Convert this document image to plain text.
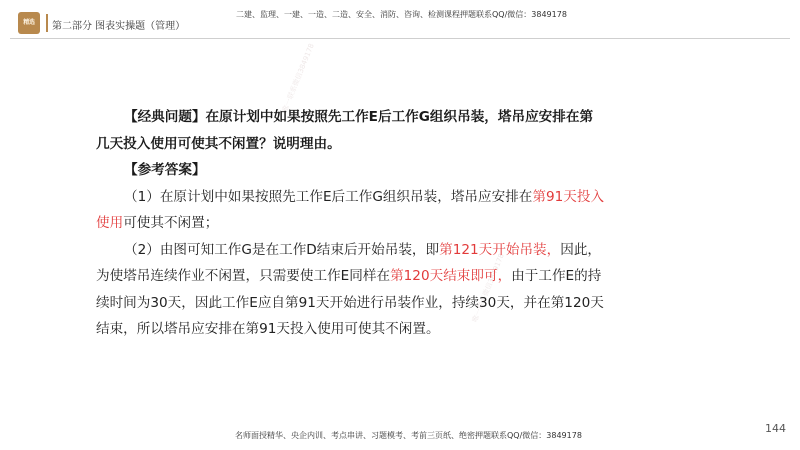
精选 第二部分 图表实操题（管理）
二建、监理、一建、一造、二造、安全、消防、咨询、检测课程押题联系QQ/微信：3849178
唯一联系微信3849178
唯一联系微信3849178

【经典问题】在原计划中如果按照先工作E后工作G组织吊装，塔吊应安排在第

几天投入使用可使其不闲置？说明理由。

【参考答案】

（1）在原计划中如果按照先工作E后工作G组织吊装，塔吊应安排在第91天投入

使用可使其不闲置；

（2）由图可知工作G是在工作D结束后开始吊装，即第121天开始吊装，因此，

为使塔吊连续作业不闲置，只需要使工作E同样在第120天结束即可，由于工作E的持

续时间为30天，因此工作E应自第91天开始进行吊装作业，持续30天，并在第120天

结束，所以塔吊应安排在第91天投入使用可使其不闲置。

144
名师面授精华、央企内训、考点串讲、习题模考、考前三页纸、绝密押题联系QQ/微信：3849178
